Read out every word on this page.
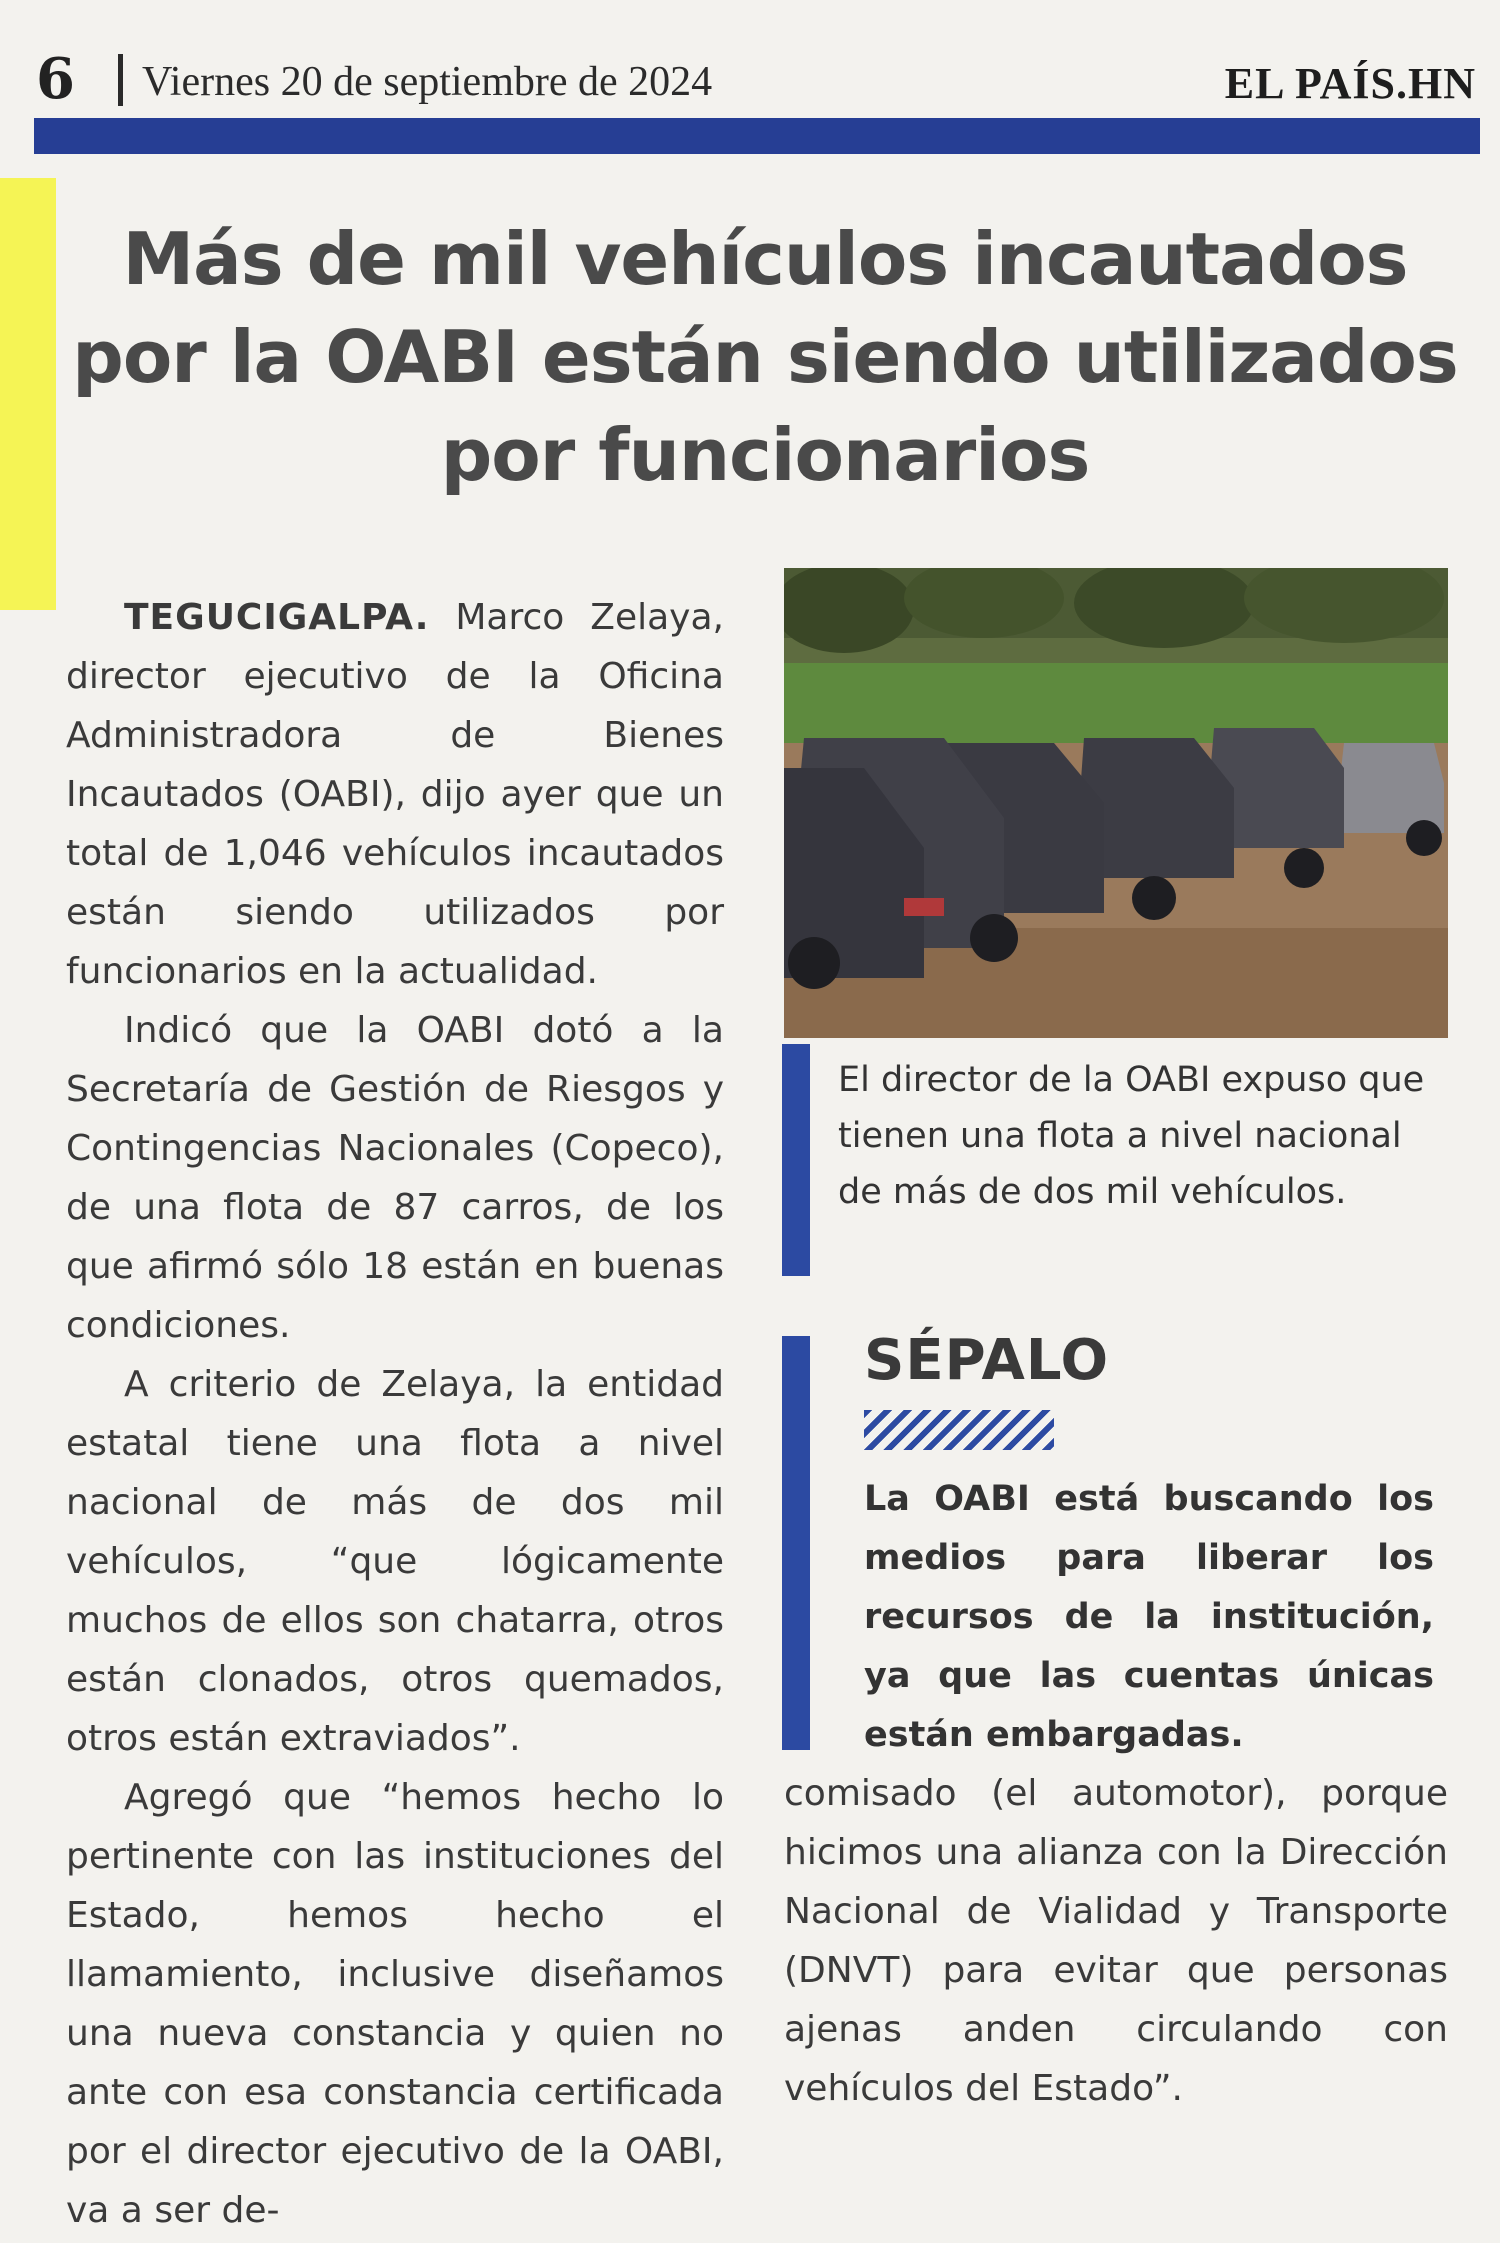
6 Viernes 20 de septiembre de 2024	EL PAÍS.HN
Más de mil vehículos incautados por la OABI están siendo utilizados por funcionarios

TEGUCIGALPA. Marco Zelaya, director ejecutivo de la Oficina Administradora de Bienes Incautados (OABI), dijo ayer que un total de 1,046 vehículos incautados están siendo utilizados por funcionarios en la actualidad.

Indicó que la OABI dotó a la Secretaría de Gestión de Riesgos y Contingencias Nacionales (Copeco), de una flota de 87 carros, de los que afirmó sólo 18 están en buenas condiciones.

A criterio de Zelaya, la entidad estatal tiene una flota a nivel nacional de más de dos mil vehículos, “que lógicamente muchos de ellos son chatarra, otros están clonados, otros quemados, otros están extraviados”.

Agregó que “hemos hecho lo pertinente con las instituciones del Estado, hemos hecho el llamamiento, inclusive diseñamos una nueva constancia y quien no ante con esa constancia certificada por el director ejecutivo de la OABI, va a ser de-

El director de la OABI expuso que tienen una flota a nivel nacional de más de dos mil vehículos.
SÉPALO
La OABI está buscando los medios para liberar los recursos de la institución, ya que las cuentas únicas están embargadas.

comisado (el automotor), porque hicimos una alianza con la Dirección Nacional de Vialidad y Transporte (DNVT) para evitar que personas ajenas anden circulando con vehículos del Estado”.
